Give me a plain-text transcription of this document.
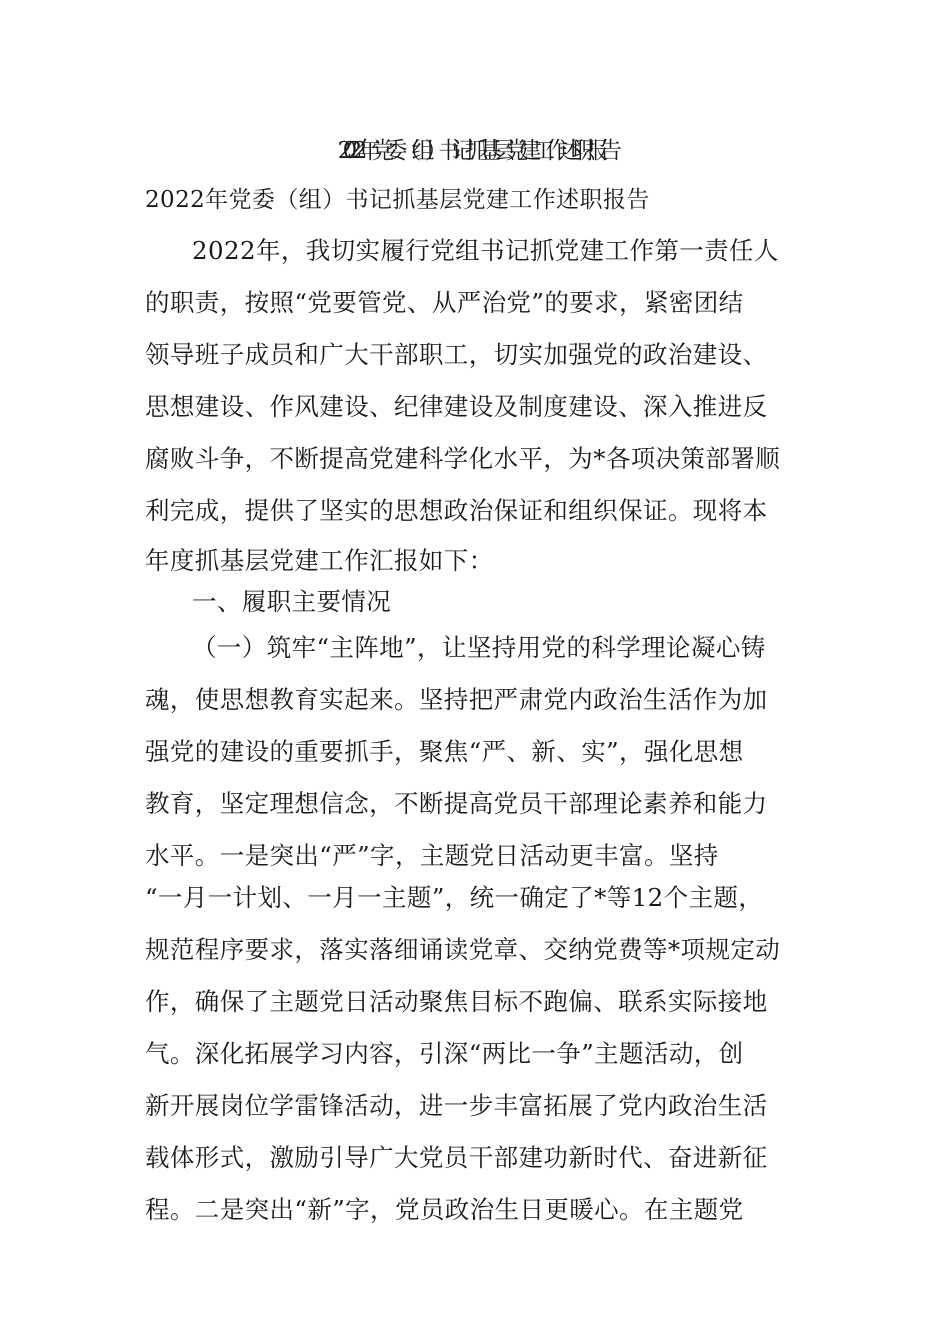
2022年党委（组）书记抓基层党建工作述职报告
2022年党委（组）书记抓基层党建工作述职报告
2022年，我切实履行党组书记抓党建工作第一责任人
的职责，按照“党要管党、从严治党”的要求，紧密团结
领导班子成员和广大干部职工，切实加强党的政治建设、
思想建设、作风建设、纪律建设及制度建设、深入推进反
腐败斗争，不断提高党建科学化水平，为*各项决策部署顺
利完成，提供了坚实的思想政治保证和组织保证。现将本
年度抓基层党建工作汇报如下：
一、履职主要情况
（一）筑牢“主阵地”，让坚持用党的科学理论凝心铸
魂，使思想教育实起来。坚持把严肃党内政治生活作为加
强党的建设的重要抓手，聚焦“严、新、实”，强化思想
教育，坚定理想信念，不断提高党员干部理论素养和能力
水平。一是突出“严”字，主题党日活动更丰富。坚持
“一月一计划、一月一主题”，统一确定了*等12个主题，
规范程序要求，落实落细诵读党章、交纳党费等*项规定动
作，确保了主题党日活动聚焦目标不跑偏、联系实际接地
气。深化拓展学习内容，引深“两比一争”主题活动，创
新开展岗位学雷锋活动，进一步丰富拓展了党内政治生活
载体形式，激励引导广大党员干部建功新时代、奋进新征
程。二是突出“新”字，党员政治生日更暖心。在主题党
